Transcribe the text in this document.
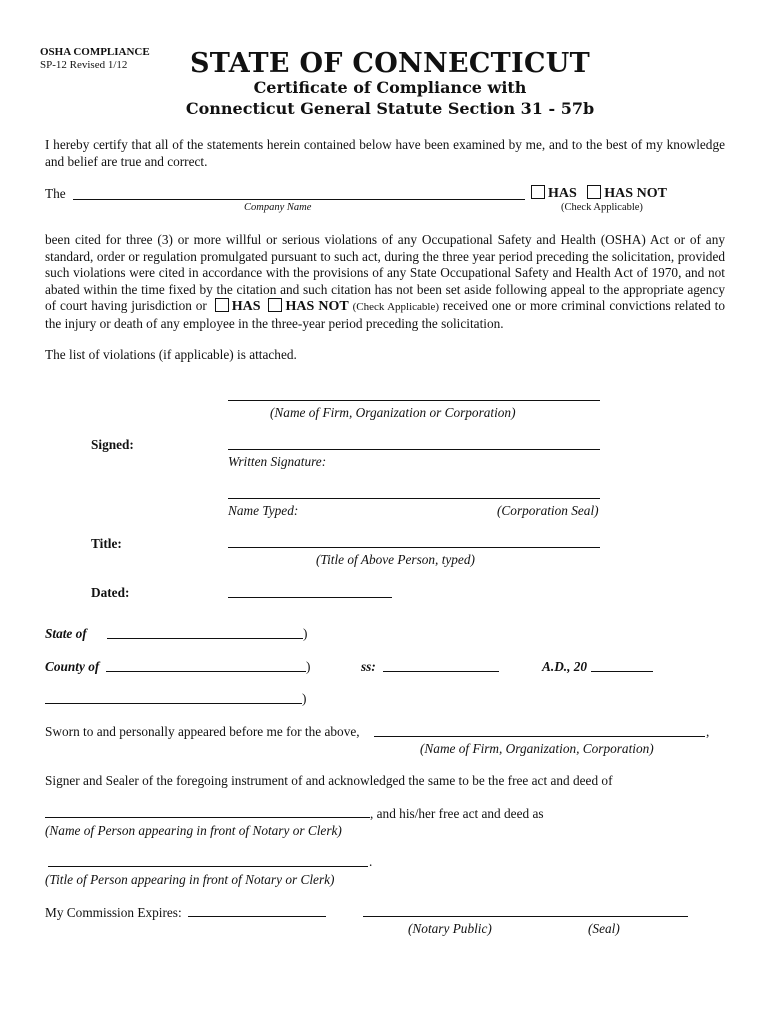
OSHA COMPLIANCE
SP-12 Revised 1/12	STATE OF CONNECTICUT
Certificate of Compliance with
Connecticut General Statute Section 31 - 57b
I hereby certify that all of the statements herein contained below have been examined by me, and to the best of my knowledge and belief are true and correct.
The
Company Name
HAS HAS NOT
(Check Applicable)
been cited for three (3) or more willful or serious violations of any Occupational Safety and Health (OSHA) Act or of any standard, order or regulation promulgated pursuant to such act, during the three year period preceding the solicitation, provided such violations were cited in accordance with the provisions of any State Occupational Safety and Health Act of 1970, and not abated within the time fixed by the citation and such citation has not been set aside following appeal to the appropriate agency of court having jurisdiction or HAS HAS NOT (Check Applicable) received one or more criminal convictions related to the injury or death of any employee in the three-year period preceding the solicitation.
The list of violations (if applicable) is attached.
(Name of Firm, Organization or Corporation)
Signed:
Written Signature:
Name Typed:	(Corporation Seal)
Title:
(Title of Above Person, typed)
Dated:
State of	)
County of	)	ss:	A.D., 20
)
Sworn to and personally appeared before me for the above,	,
(Name of Firm, Organization, Corporation)
Signer and Sealer of the foregoing instrument of and acknowledged the same to be the free act and deed of
, and his/her free act and deed as
(Name of Person appearing in front of Notary or Clerk)
.
(Title of Person appearing in front of Notary or Clerk)
My Commission Expires:
(Notary Public)	(Seal)
